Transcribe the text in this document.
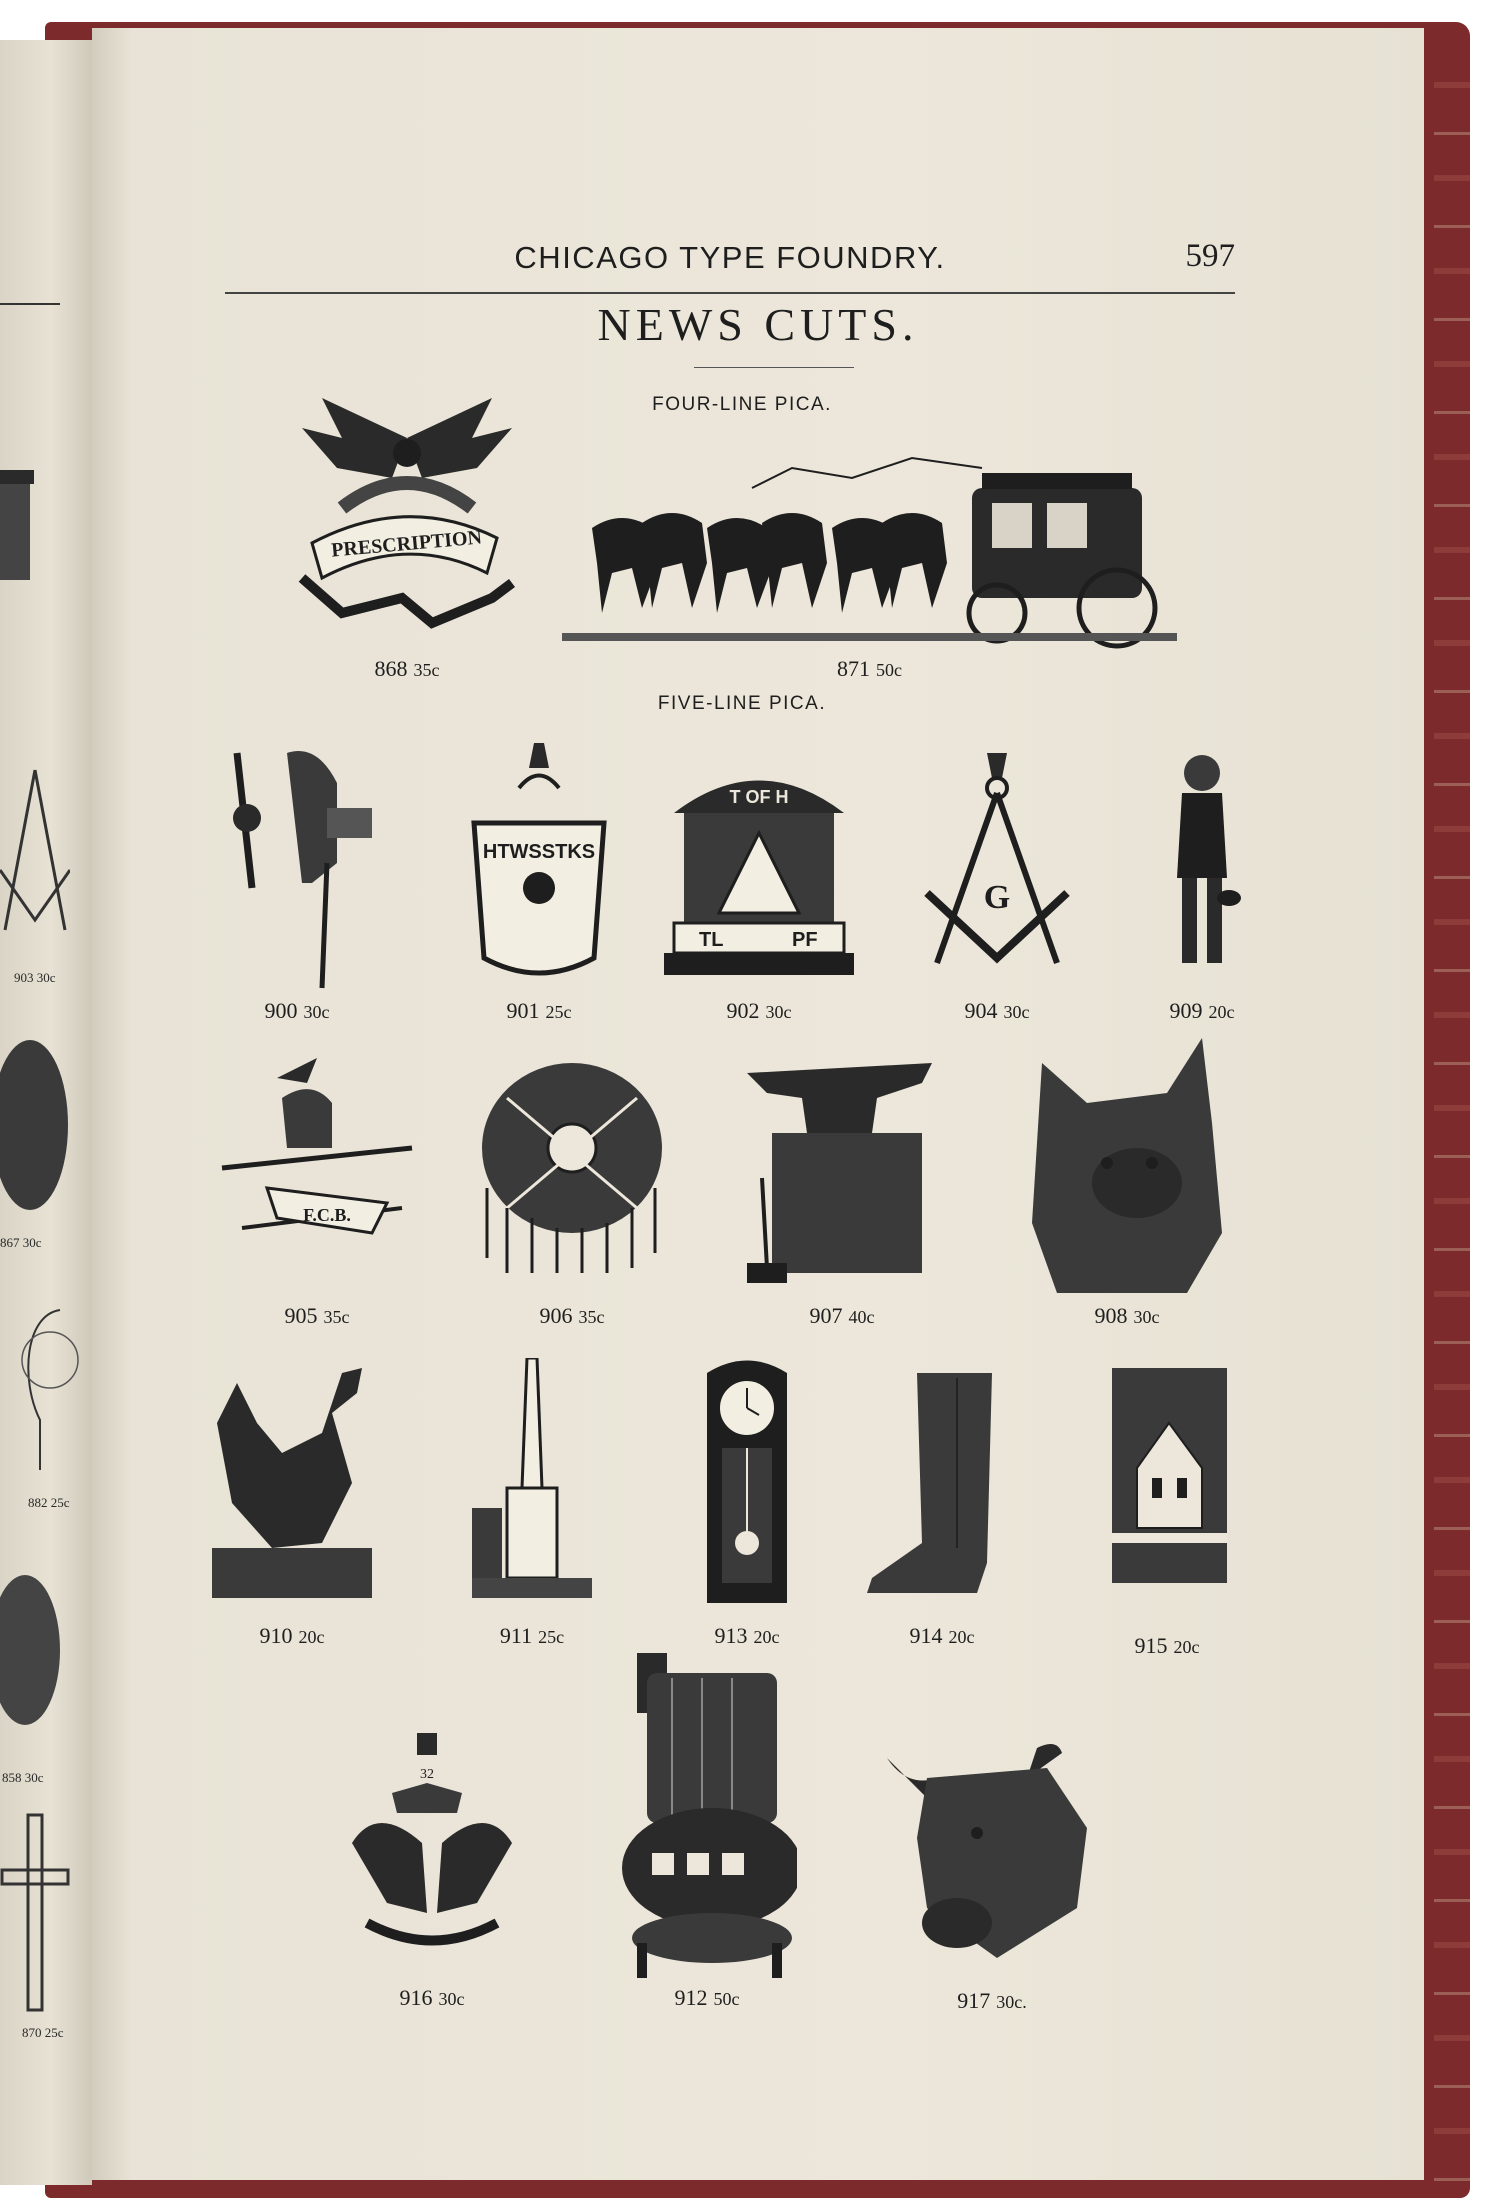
903 30c
867 30c
882 25c
858 30c
870 25c
CHICAGO TYPE FOUNDRY.	597
NEWS CUTS.
FOUR-LINE PICA.
FIVE-LINE PICA.
PRESCRIPTION
868 35c	871 50c
900 30c
HTWSSTKS
901 25c
T OF H
TL	PF
902 30c
G
904 30c	909 20c
F.C.B.
905 35c	906 35c	907 40c	908 30c
910 20c	911 25c	913 20c	914 20c	915 20c
32
916 30c	912 50c	917 30c.
